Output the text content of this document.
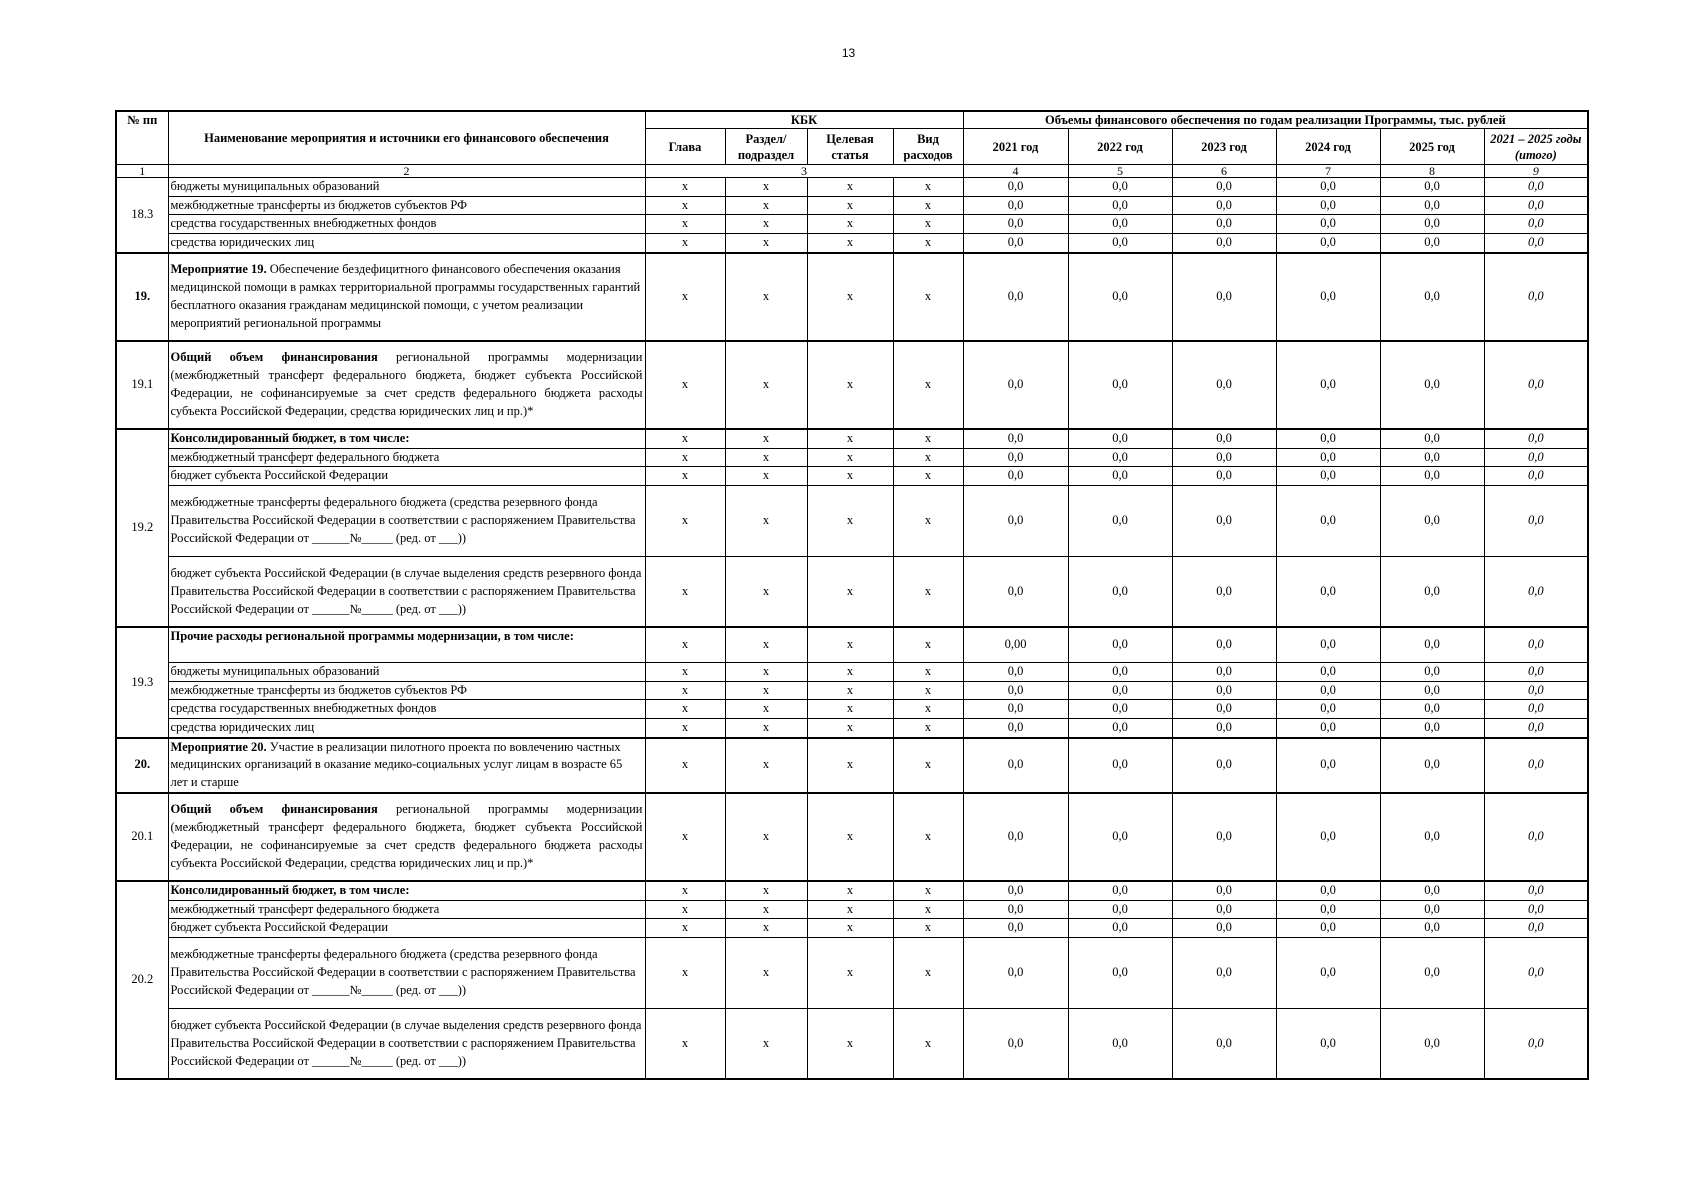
13
№ пп	Наименование мероприятия и источники его финансового обеспечения	КБК				Объемы финансового обеспечения по годам реализации Программы, тыс. рублей					
		Глава	Раздел/ подраздел	Целевая статья	Вид расходов	2021 год	2022 год	2023 год	2024 год	2025 год	2021 – 2025 годы (итого)
1	2	3				4	5	6	7	8	9
18.3	бюджеты муниципальных образований	х	х	х	х	0,0	0,0	0,0	0,0	0,0	0,0
	межбюджетные трансферты из бюджетов субъектов РФ	х	х	х	х	0,0	0,0	0,0	0,0	0,0	0,0
	средства государственных внебюджетных фондов	х	х	х	х	0,0	0,0	0,0	0,0	0,0	0,0
	средства юридических лиц	х	х	х	х	0,0	0,0	0,0	0,0	0,0	0,0
19.	Мероприятие 19. Обеспечение бездефицитного финансового обеспечения оказания медицинской помощи в рамках территориальной программы государственных гарантий бесплатного оказания гражданам медицинской помощи, с учетом реализации мероприятий региональной программы	х	х	х	х	0,0	0,0	0,0	0,0	0,0	0,0
19.1	Общий объем финансирования региональной программы модернизации (межбюджетный трансферт федерального бюджета, бюджет субъекта Российской Федерации, не софинансируемые за счет средств федерального бюджета расходы субъекта Российской Федерации, средства юридических лиц и пр.)*	х	х	х	х	0,0	0,0	0,0	0,0	0,0	0,0
19.2	Консолидированный бюджет, в том числе:	х	х	х	х	0,0	0,0	0,0	0,0	0,0	0,0
	межбюджетный трансферт федерального бюджета	х	х	х	х	0,0	0,0	0,0	0,0	0,0	0,0
	бюджет субъекта Российской Федерации	х	х	х	х	0,0	0,0	0,0	0,0	0,0	0,0
	межбюджетные трансферты федерального бюджета (средства резервного фонда Правительства Российской Федерации в соответствии с распоряжением Правительства Российской Федерации от ______№_____ (ред. от ___))	х	х	х	х	0,0	0,0	0,0	0,0	0,0	0,0
	бюджет субъекта Российской Федерации (в случае выделения средств резервного фонда Правительства Российской Федерации в соответствии с распоряжением Правительства Российской Федерации от ______№_____ (ред. от ___))	х	х	х	х	0,0	0,0	0,0	0,0	0,0	0,0
19.3	Прочие расходы региональной программы модернизации, в том числе:	х	х	х	х	0,00	0,0	0,0	0,0	0,0	0,0
	бюджеты муниципальных образований	х	х	х	х	0,0	0,0	0,0	0,0	0,0	0,0
	межбюджетные трансферты из бюджетов субъектов РФ	х	х	х	х	0,0	0,0	0,0	0,0	0,0	0,0
	средства государственных внебюджетных фондов	х	х	х	х	0,0	0,0	0,0	0,0	0,0	0,0
	средства юридических лиц	х	х	х	х	0,0	0,0	0,0	0,0	0,0	0,0
20.	Мероприятие 20. Участие в реализации пилотного проекта по вовлечению частных медицинских организаций в оказание медико-социальных услуг лицам в возрасте 65 лет и старше	х	х	х	х	0,0	0,0	0,0	0,0	0,0	0,0
20.1	Общий объем финансирования региональной программы модернизации (межбюджетный трансферт федерального бюджета, бюджет субъекта Российской Федерации, не софинансируемые за счет средств федерального бюджета расходы субъекта Российской Федерации, средства юридических лиц и пр.)*	х	х	х	х	0,0	0,0	0,0	0,0	0,0	0,0
20.2	Консолидированный бюджет, в том числе:	х	х	х	х	0,0	0,0	0,0	0,0	0,0	0,0
	межбюджетный трансферт федерального бюджета	х	х	х	х	0,0	0,0	0,0	0,0	0,0	0,0
	бюджет субъекта Российской Федерации	х	х	х	х	0,0	0,0	0,0	0,0	0,0	0,0
	межбюджетные трансферты федерального бюджета (средства резервного фонда Правительства Российской Федерации в соответствии с распоряжением Правительства Российской Федерации от ______№_____ (ред. от ___))	х	х	х	х	0,0	0,0	0,0	0,0	0,0	0,0
	бюджет субъекта Российской Федерации (в случае выделения средств резервного фонда Правительства Российской Федерации в соответствии с распоряжением Правительства Российской Федерации от ______№_____ (ред. от ___))	х	х	х	х	0,0	0,0	0,0	0,0	0,0	0,0
